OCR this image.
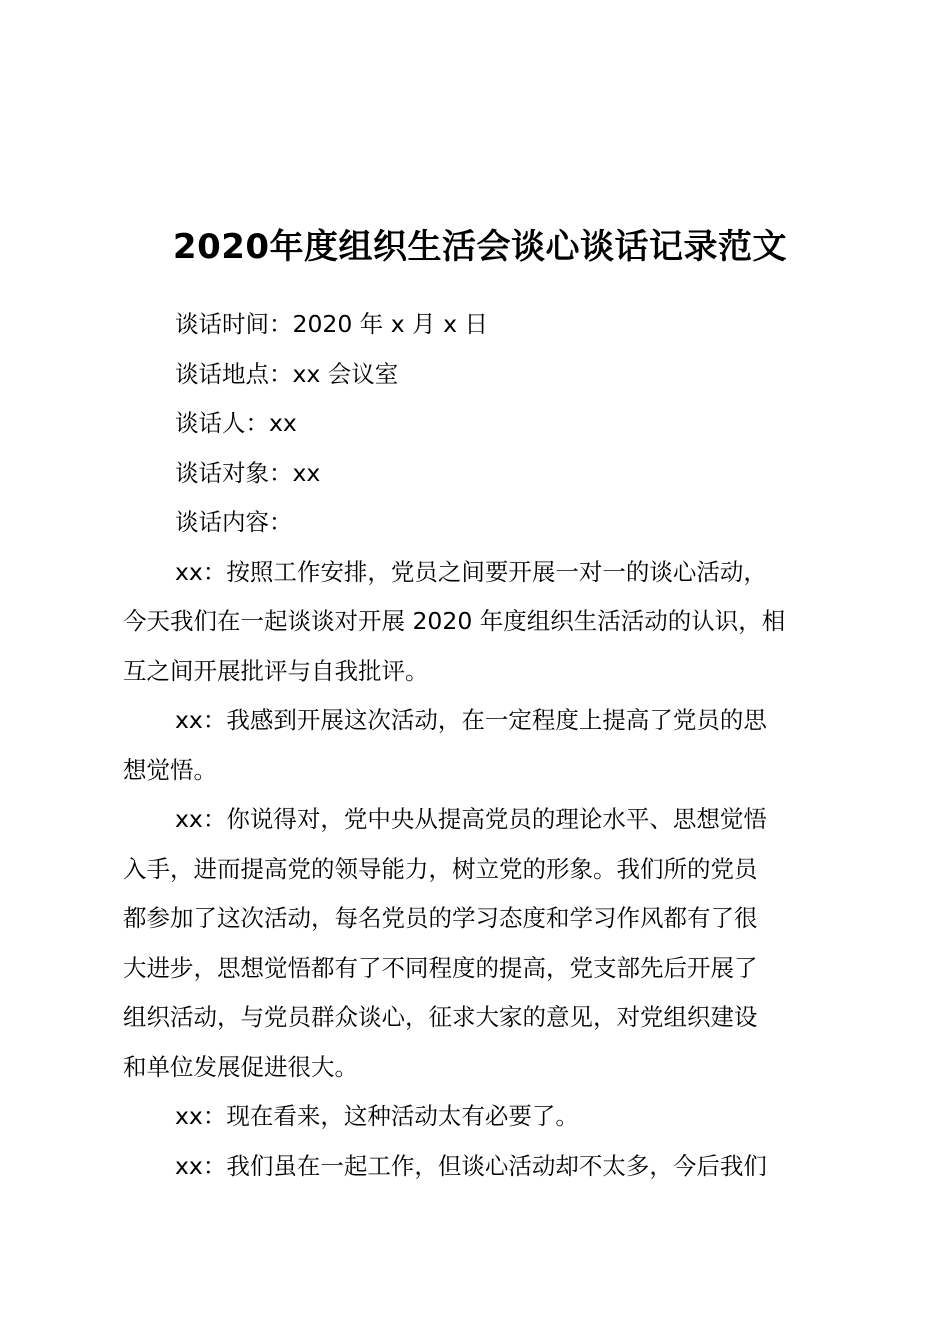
2020年度组织生活会谈心谈话记录范文

谈话时间：2020 年 x 月 x 日

谈话地点：xx 会议室

谈话人：xx

谈话对象：xx

谈话内容：

xx：按照工作安排，党员之间要开展一对一的谈心活动，

今天我们在一起谈谈对开展 2020 年度组织生活活动的认识，相

互之间开展批评与自我批评。

xx：我感到开展这次活动，在一定程度上提高了党员的思

想觉悟。

xx：你说得对，党中央从提高党员的理论水平、思想觉悟

入手，进而提高党的领导能力，树立党的形象。我们所的党员

都参加了这次活动，每名党员的学习态度和学习作风都有了很

大进步，思想觉悟都有了不同程度的提高，党支部先后开展了

组织活动，与党员群众谈心，征求大家的意见，对党组织建设

和单位发展促进很大。

xx：现在看来，这种活动太有必要了。

xx：我们虽在一起工作，但谈心活动却不太多，今后我们
